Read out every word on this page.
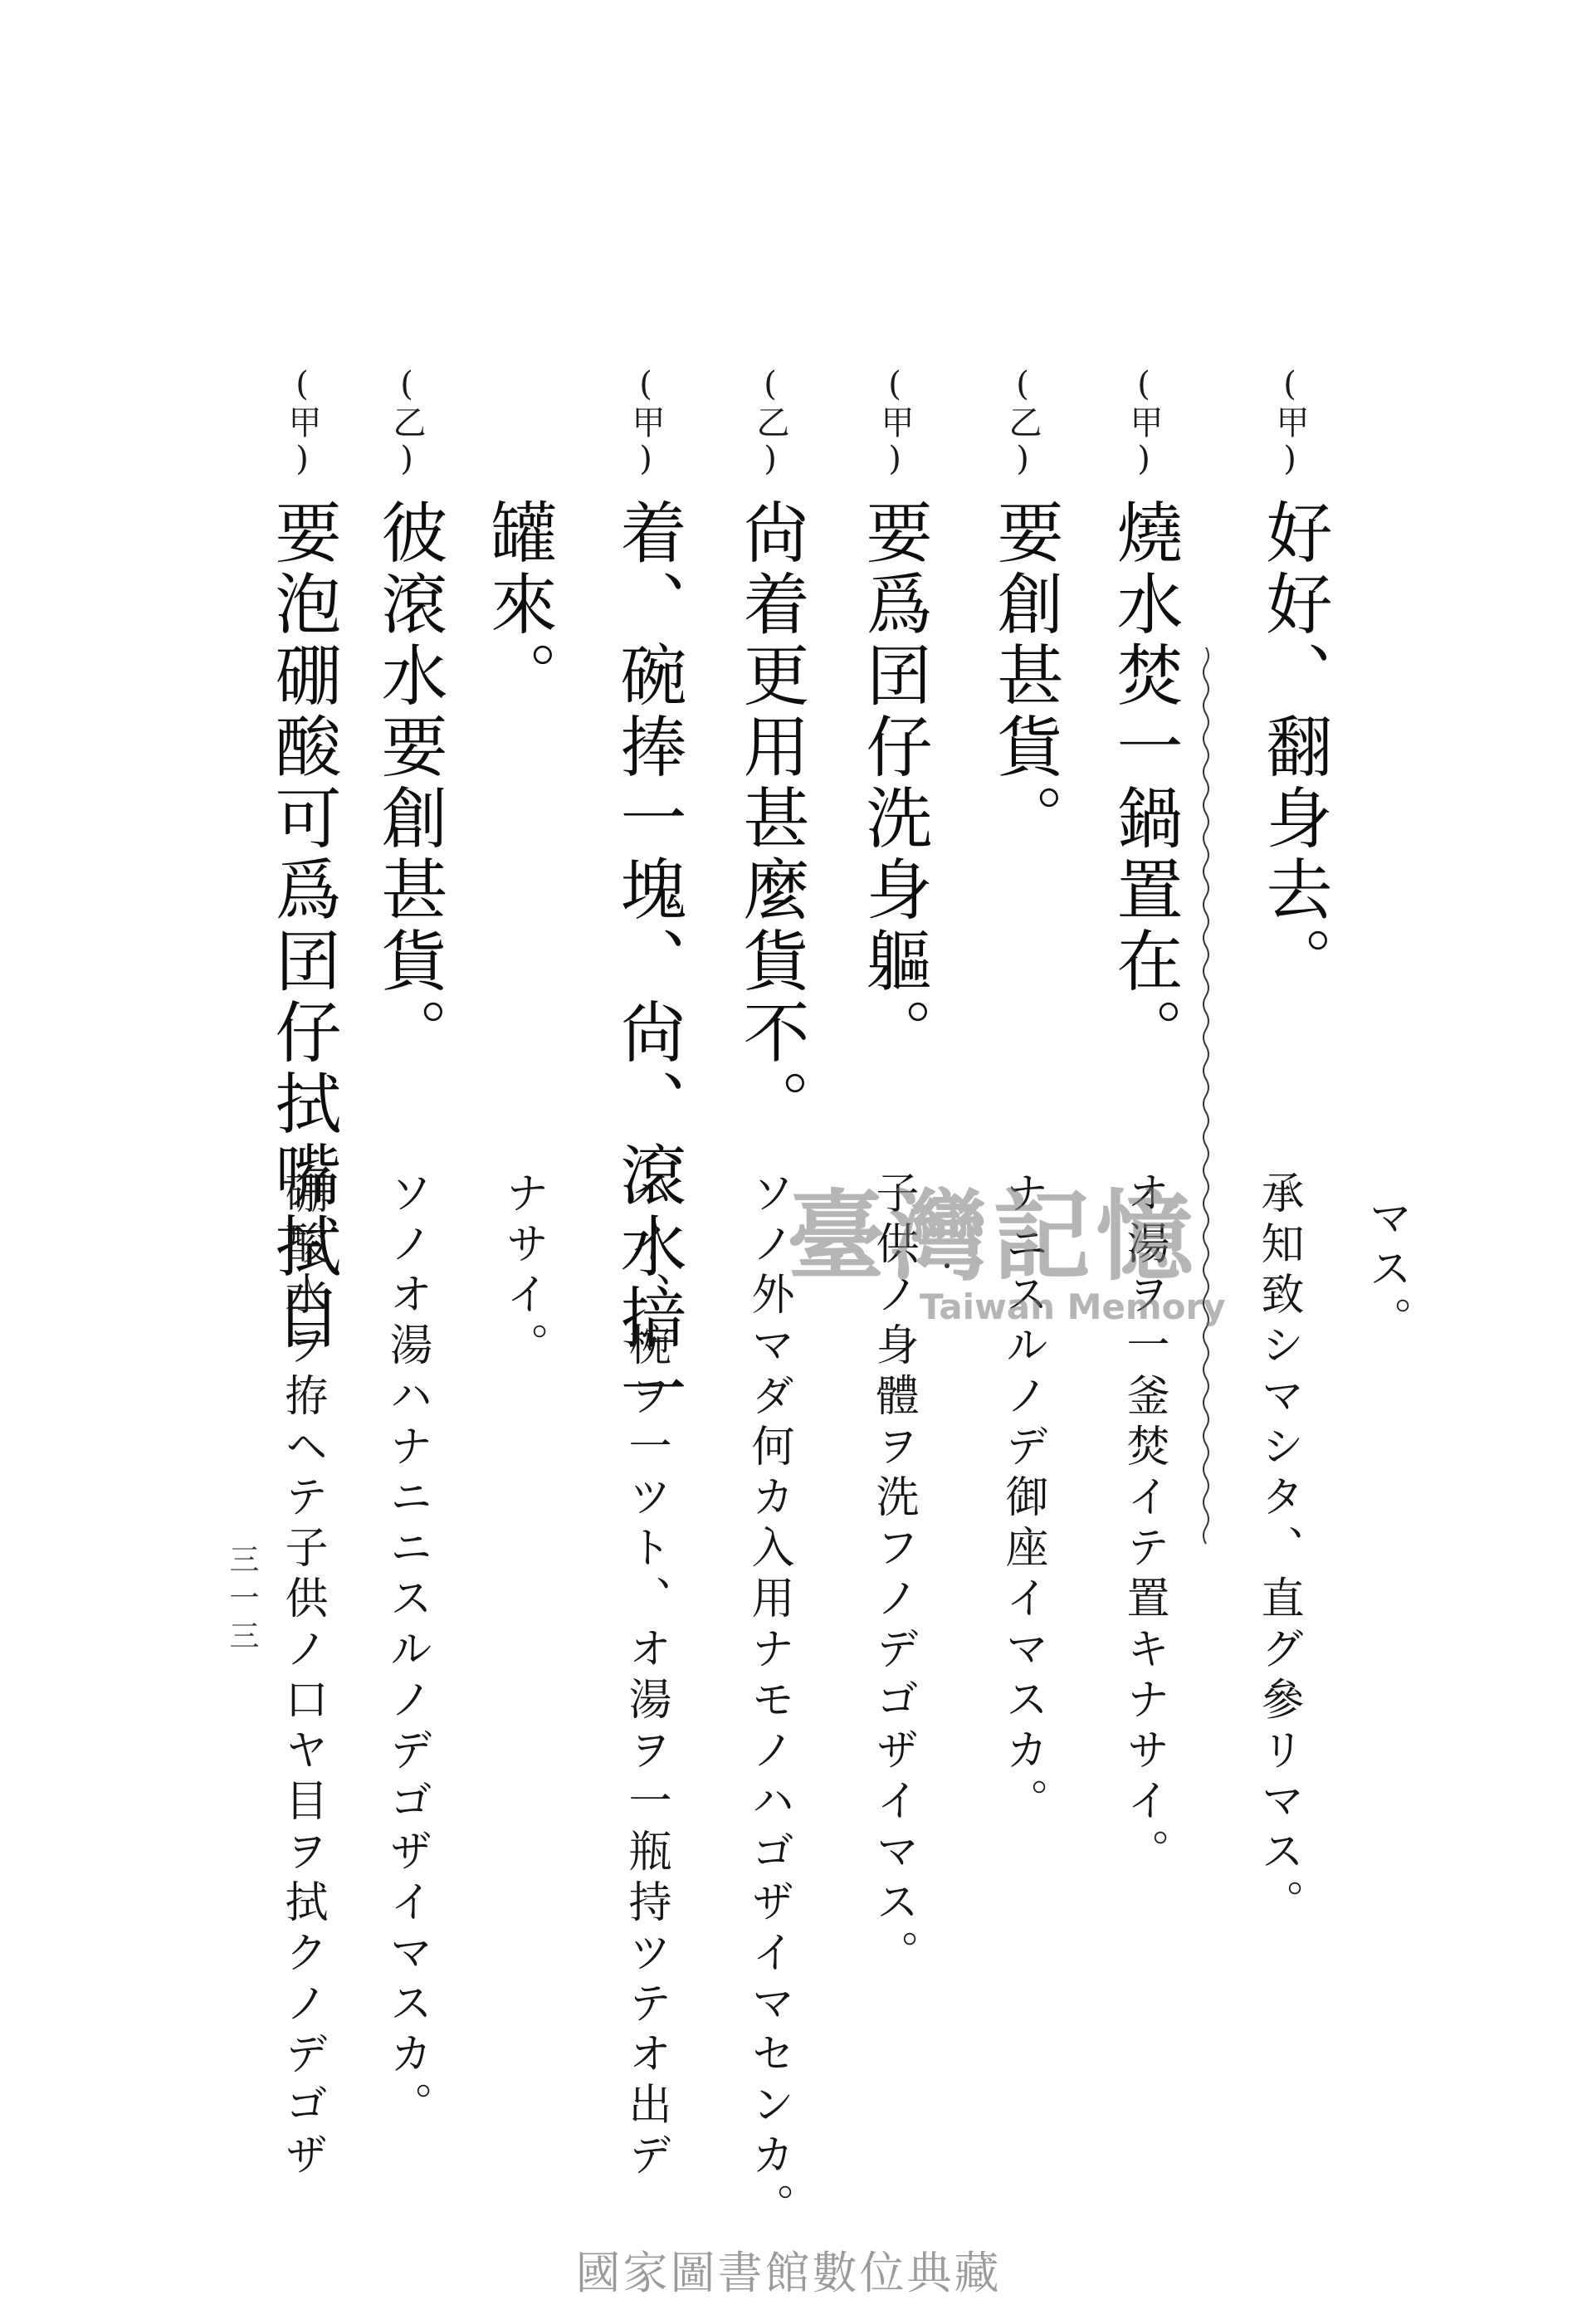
(甲)
好好、翻身去。
マス。
承知致シマシタ、直グ參リマス。
(甲)
燒水焚一鍋置在。
オ湯ヲ一釜焚イテ置キナサイ。
(乙)
要創甚貨。
ナニスルノデ御座イマスカ。
(甲)
要爲囝仔洗身軀。
子供ノ身體ヲ洗フノデゴザイマス。
(乙)
尙着更用甚麼貨不。
ソノ外マダ何カ入用ナモノハゴザイマセンカ。
(甲)
着、碗捧一塊、尙、滾水揞一
ハイ、椀ヲ一ツト、オ湯ヲ一瓶持ツテオ出デ
罐來。
ナサイ。
(乙)
彼滾水要創甚貨。
ソノオ湯ハナニニスルノデゴザイマスカ。
(甲)
要泡硼酸可爲囝仔拭嘴拭目
硼酸水ヲ拵ヘテ子供ノ口ヤ目ヲ拭クノデゴザ
三一三
臺灣記憶
Taiwan Memory
國家圖書館數位典藏
